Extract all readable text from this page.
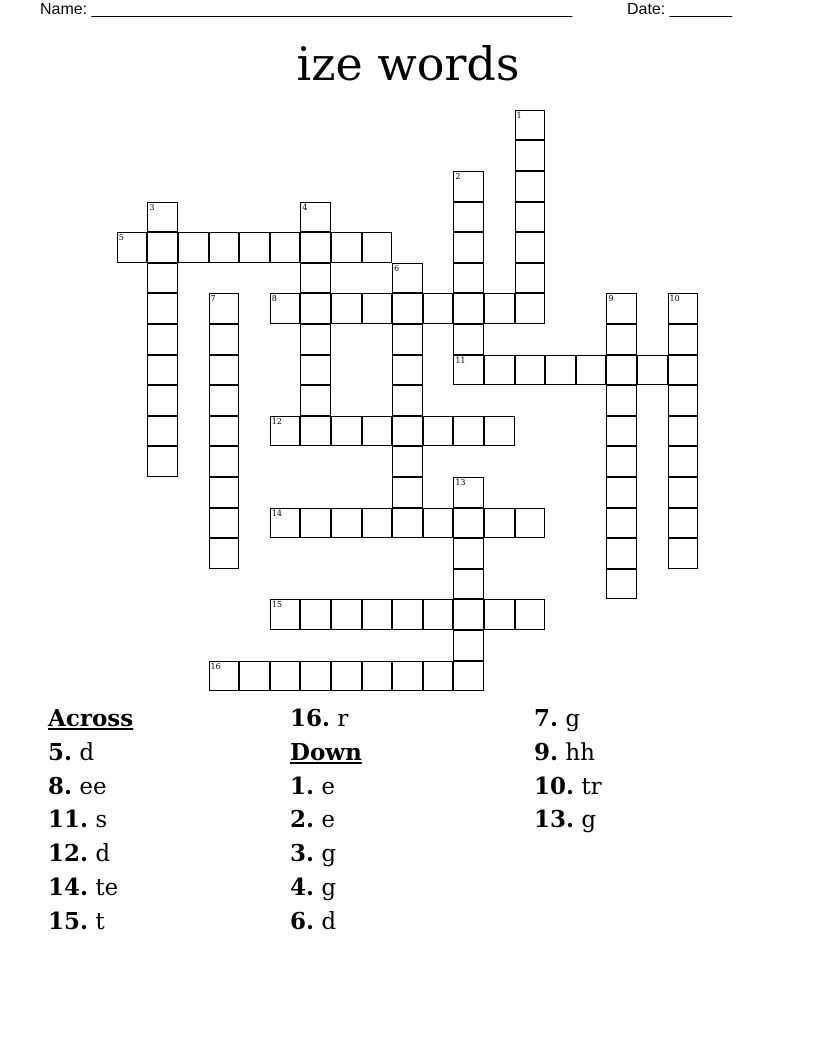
Name: ______________________________________________________	Date: _______
ize words
1
2
11
3	4
5
6
7	8	9	10
12
13
14
15
16
Across
5. d
8. ee
11. s
12. d
14. te
15. t
16. r
Down
1. e
2. e
3. g
4. g
6. d
7. g
9. hh
10. tr
13. g
